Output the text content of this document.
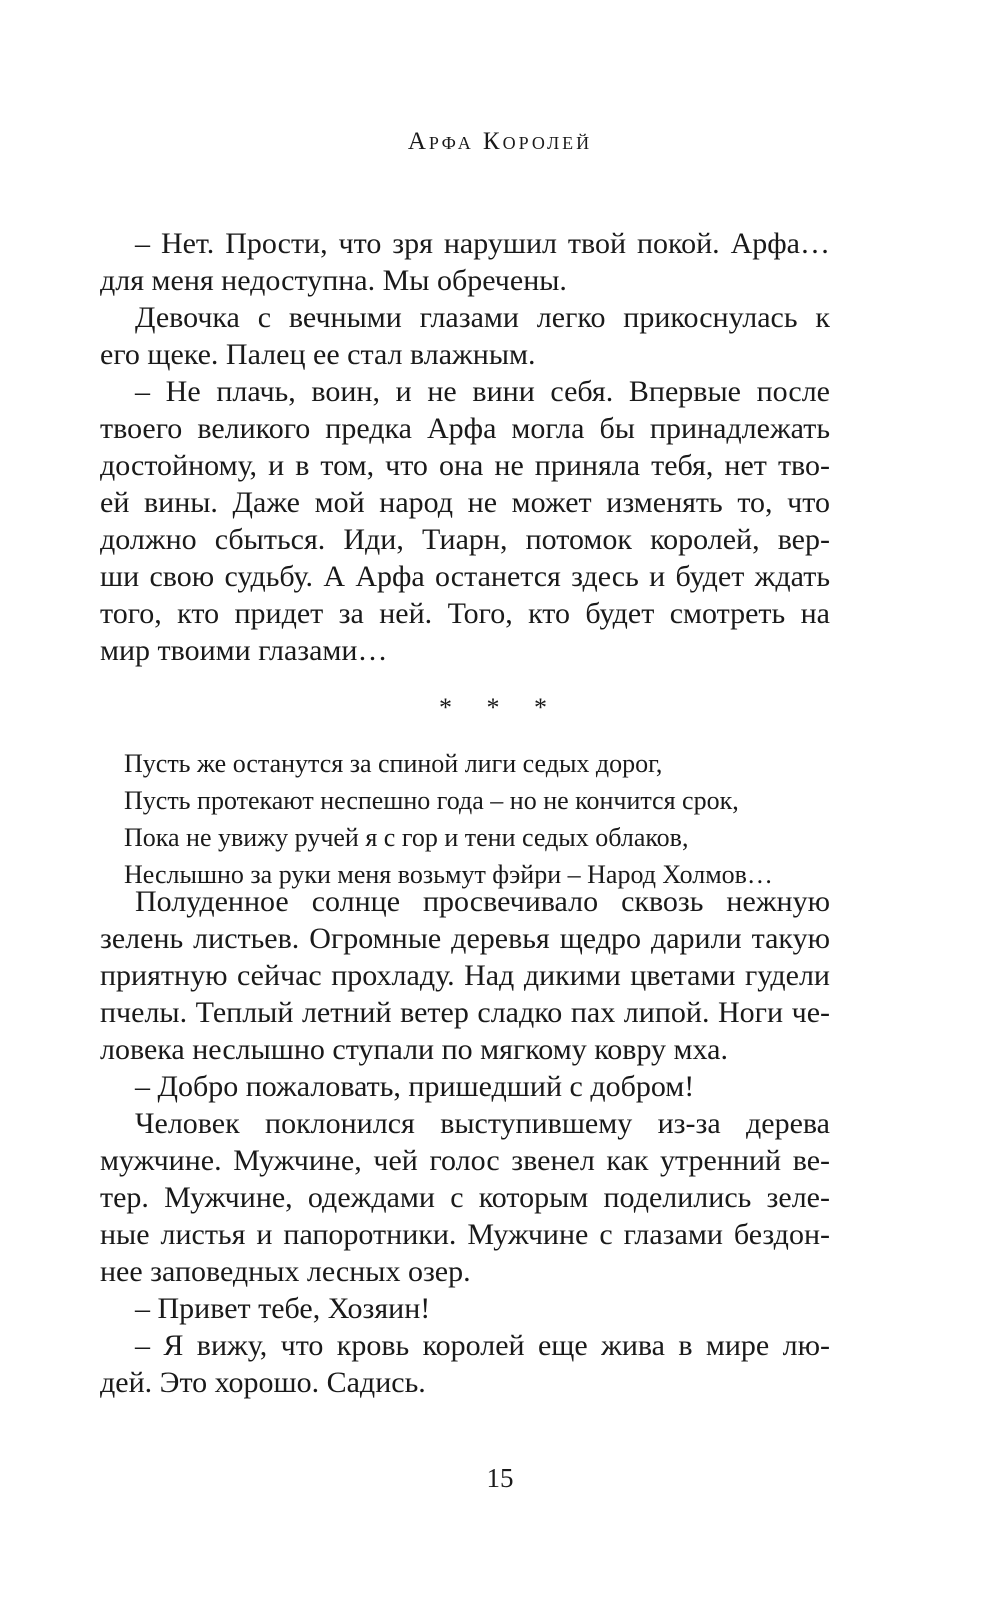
Арфа Королей
– Нет. Прости, что зря нарушил твой покой. Арфа…
для меня недоступна. Мы обречены.
Девочка с вечными глазами легко прикоснулась к
его щеке. Палец ее стал влажным.
– Не плачь, воин, и не вини себя. Впервые после
твоего великого предка Арфа могла бы принадлежать
достойному, и в том, что она не приняла тебя, нет тво-
ей вины. Даже мой народ не может изменять то, что
должно сбыться. Иди, Тиарн, потомок королей, вер-
ши свою судьбу. А Арфа останется здесь и будет ждать
того, кто придет за ней. Того, кто будет смотреть на
мир твоими глазами…
* * *
Пусть же останутся за спиной лиги седых дорог,
Пусть протекают неспешно года – но не кончится срок,
Пока не увижу ручей я с гор и тени седых облаков,
Неслышно за руки меня возьмут фэйри – Народ Холмов…
Полуденное солнце просвечивало сквозь нежную
зелень листьев. Огромные деревья щедро дарили такую
приятную сейчас прохладу. Над дикими цветами гудели
пчелы. Теплый летний ветер сладко пах липой. Ноги че-
ловека неслышно ступали по мягкому ковру мха.
– Добро пожаловать, пришедший с добром!
Человек поклонился выступившему из-за дерева
мужчине. Мужчине, чей голос звенел как утренний ве-
тер. Мужчине, одеждами с которым поделились зеле-
ные листья и папоротники. Мужчине с глазами бездон-
нее заповедных лесных озер.
– Привет тебе, Хозяин!
– Я вижу, что кровь королей еще жива в мире лю-
дей. Это хорошо. Садись.
15
